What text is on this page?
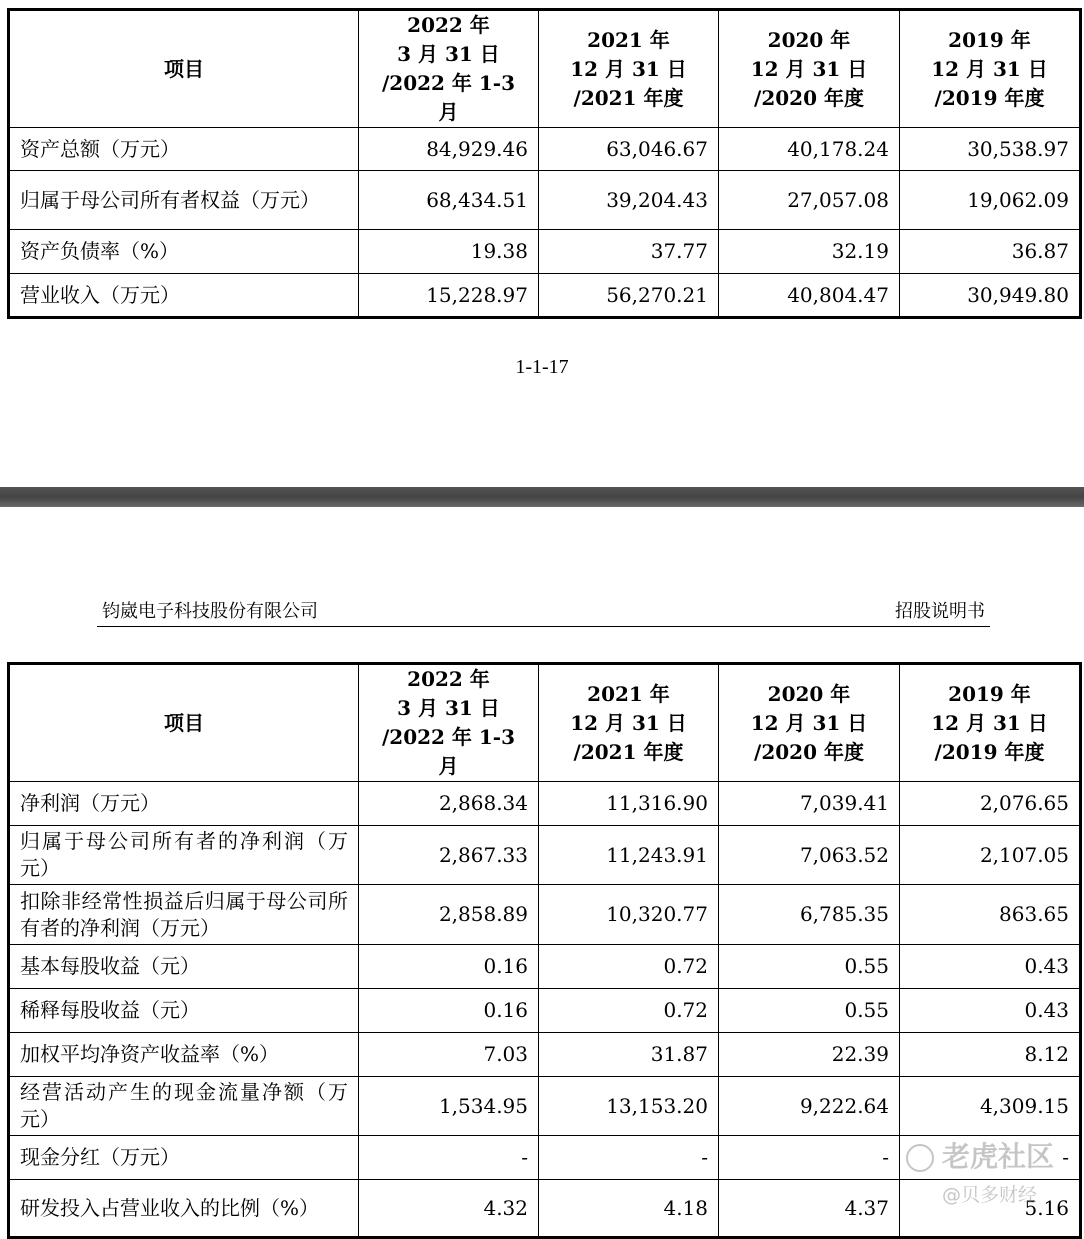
项目	2022 年
3 月 31 日
/2022 年 1-3 月	2021 年
12 月 31 日
/2021 年度	2020 年
12 月 31 日
/2020 年度	2019 年
12 月 31 日
/2019 年度
资产总额（万元）	84,929.46	63,046.67	40,178.24	30,538.97
归属于母公司所有者权益（万元）	68,434.51	39,204.43	27,057.08	19,062.09
资产负债率（%）	19.38	37.77	32.19	36.87
营业收入（万元）	15,228.97	56,270.21	40,804.47	30,949.80
1-1-17
钧崴电子科技股份有限公司	招股说明书
项目	2022 年
3 月 31 日
/2022 年 1-3 月	2021 年
12 月 31 日
/2021 年度	2020 年
12 月 31 日
/2020 年度	2019 年
12 月 31 日
/2019 年度
净利润（万元）	2,868.34	11,316.90	7,039.41	2,076.65
归属于母公司所有者的净利润（万元）	2,867.33	11,243.91	7,063.52	2,107.05
扣除非经常性损益后归属于母公司所有者的净利润（万元）	2,858.89	10,320.77	6,785.35	863.65
基本每股收益（元）	0.16	0.72	0.55	0.43
稀释每股收益（元）	0.16	0.72	0.55	0.43
加权平均净资产收益率（%）	7.03	31.87	22.39	8.12
经营活动产生的现金流量净额（万元）	1,534.95	13,153.20	9,222.64	4,309.15
现金分红（万元）	-	-	-	-
研发投入占营业收入的比例（%）	4.32	4.18	4.37	5.16
老虎社区
@贝多财经
